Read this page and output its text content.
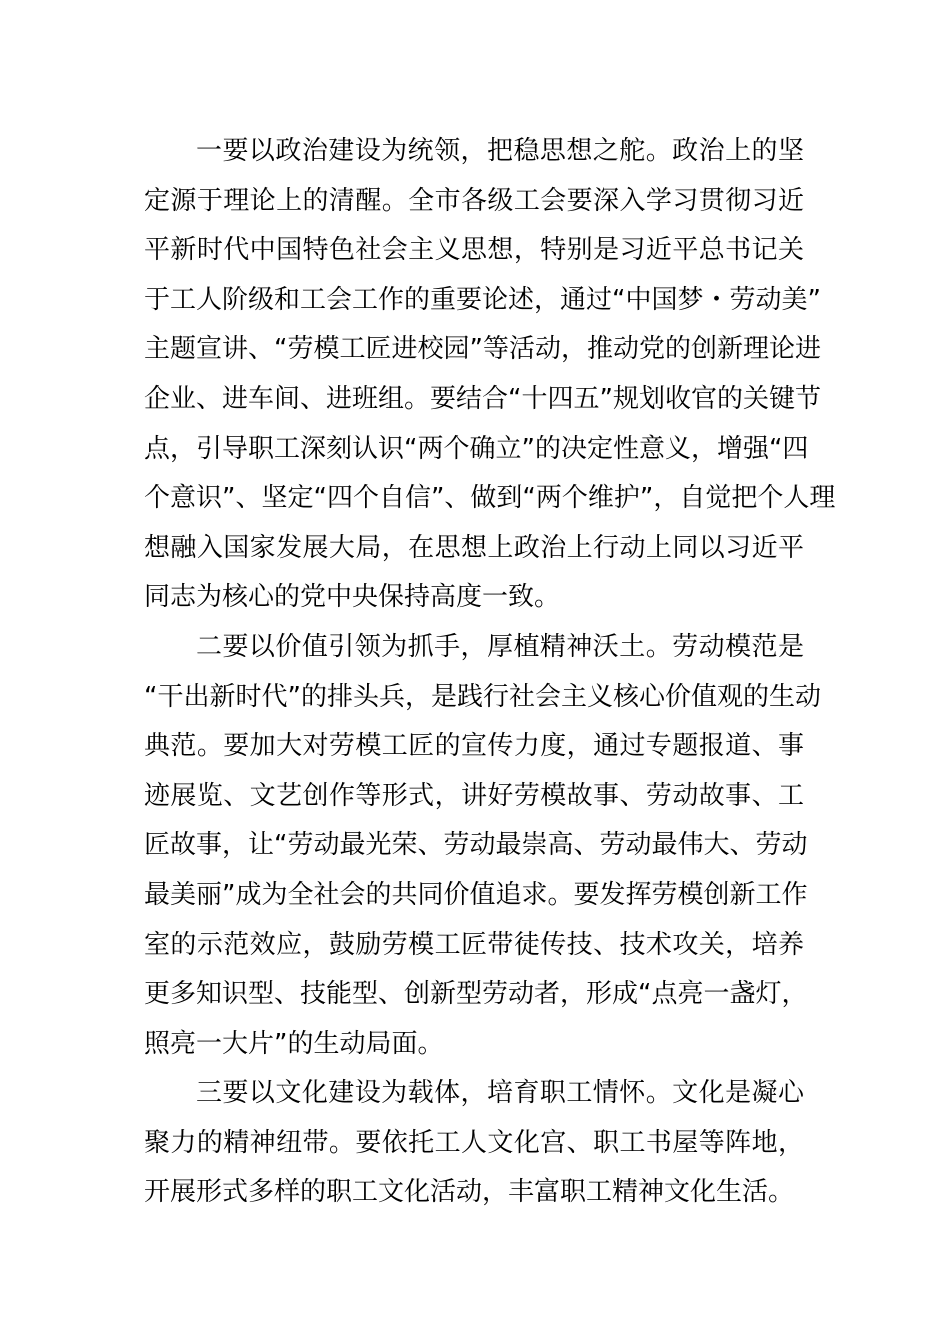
一要以政治建设为统领，把稳思想之舵。政治上的坚
定源于理论上的清醒。全市各级工会要深入学习贯彻习近
平新时代中国特色社会主义思想，特别是习近平总书记关
于工人阶级和工会工作的重要论述，通过“中国梦・劳动美”
主题宣讲、“劳模工匠进校园”等活动，推动党的创新理论进
企业、进车间、进班组。要结合“十四五”规划收官的关键节
点，引导职工深刻认识“两个确立”的决定性意义，增强“四
个意识”、坚定“四个自信”、做到“两个维护”，自觉把个人理
想融入国家发展大局，在思想上政治上行动上同以习近平
同志为核心的党中央保持高度一致。
二要以价值引领为抓手，厚植精神沃土。劳动模范是
“干出新时代”的排头兵，是践行社会主义核心价值观的生动
典范。要加大对劳模工匠的宣传力度，通过专题报道、事
迹展览、文艺创作等形式，讲好劳模故事、劳动故事、工
匠故事，让“劳动最光荣、劳动最崇高、劳动最伟大、劳动
最美丽”成为全社会的共同价值追求。要发挥劳模创新工作
室的示范效应，鼓励劳模工匠带徒传技、技术攻关，培养
更多知识型、技能型、创新型劳动者，形成“点亮一盏灯，
照亮一大片”的生动局面。
三要以文化建设为载体，培育职工情怀。文化是凝心
聚力的精神纽带。要依托工人文化宫、职工书屋等阵地，
开展形式多样的职工文化活动，丰富职工精神文化生活。
